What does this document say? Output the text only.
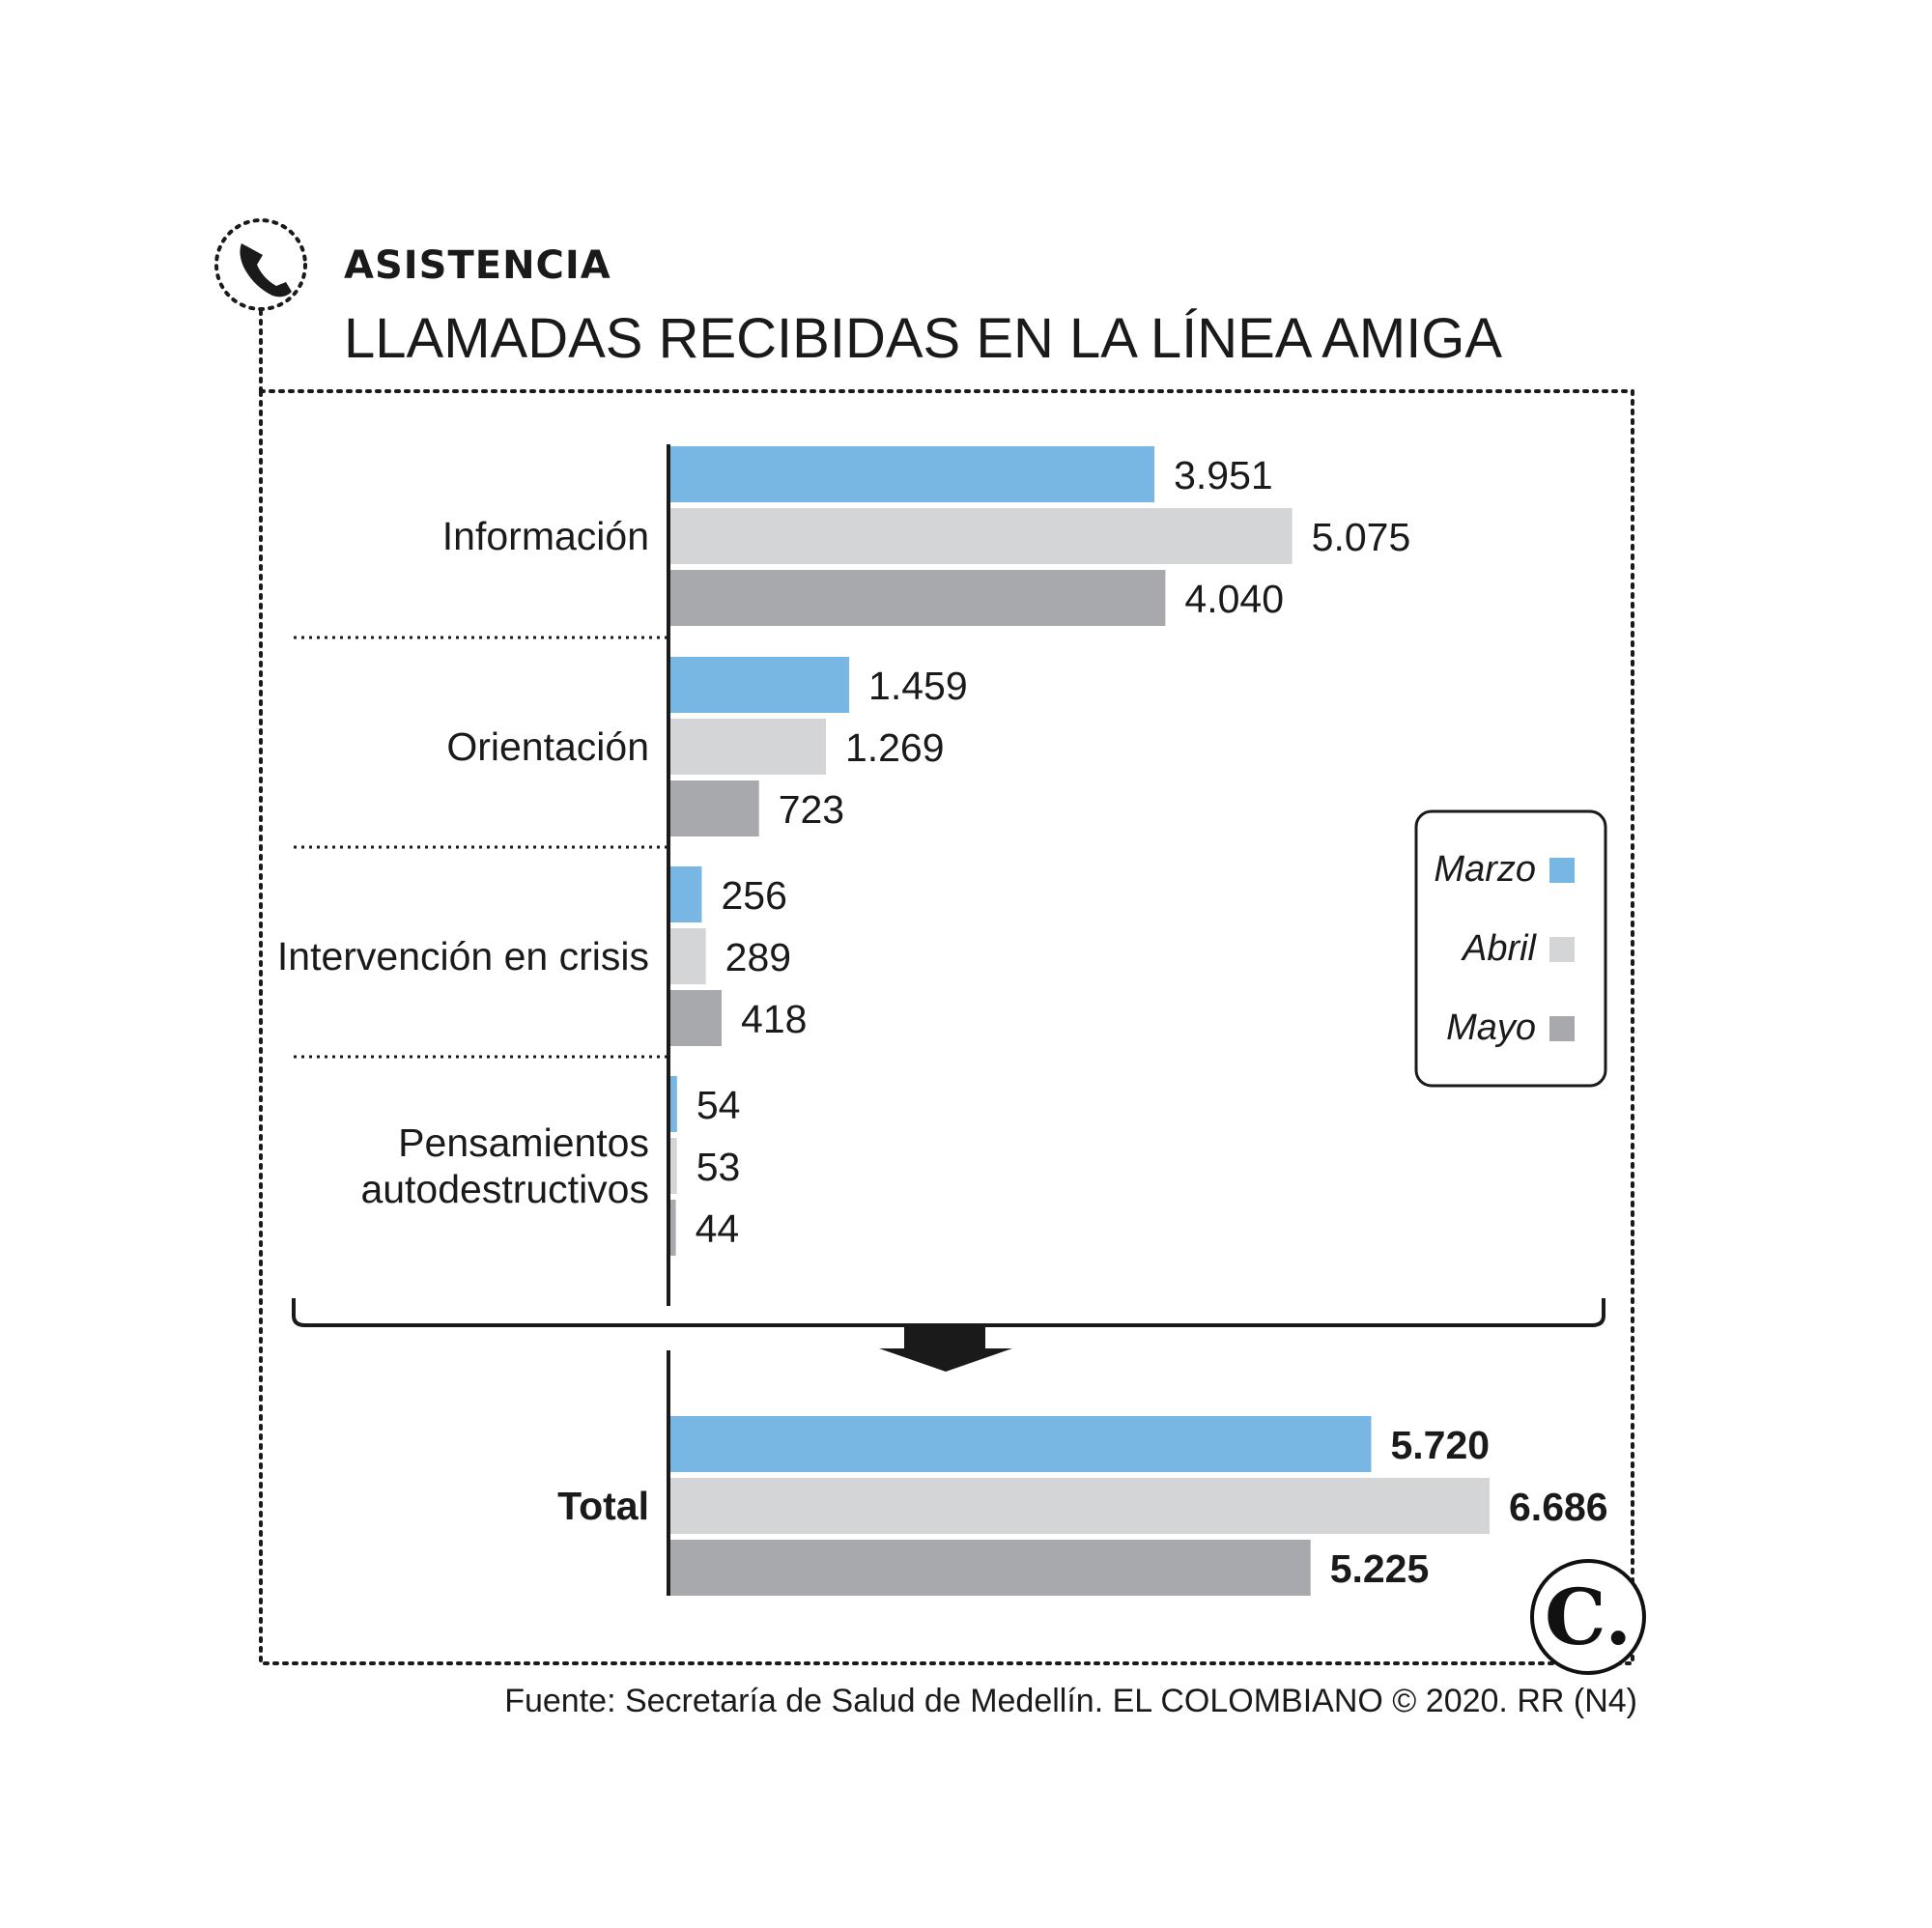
ASISTENCIA
LLAMADAS RECIBIDAS EN LA LÍNEA AMIGA
3.951
5.075
4.040
Información
1.459
1.269
723
Orientación
256
289
418
Intervención en crisis
54
53
44
Pensamientos
autodestructivos
5.720
6.686
5.225
Total
Marzo
Abril
Mayo
C.
Fuente: Secretaría de Salud de Medellín. EL COLOMBIANO © 2020. RR (N4)
